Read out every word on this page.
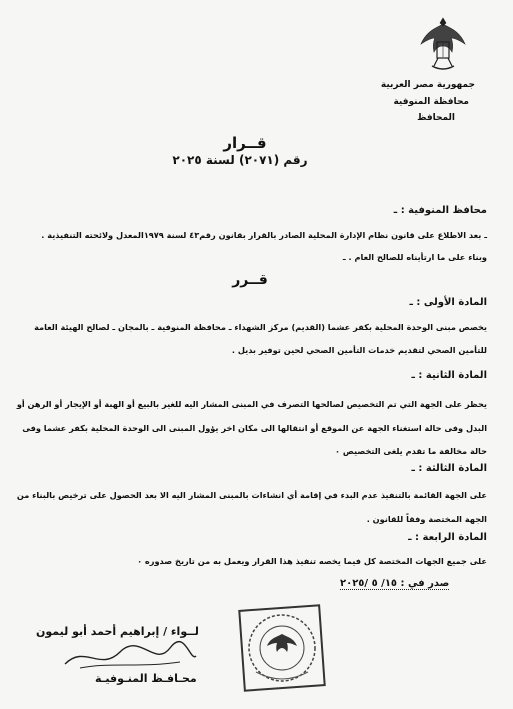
جمهورية مصر العربية
محافظة المنوفية
المحافظ
قــرار
رقم (٢٠٧١) لسنة ٢٠٢٥
محافظ المنوفية : ـ
ـ بعد الاطلاع على قانون نظام الإدارة المحلية الصادر بالقرار بقانون رقم٤٣ لسنة ١٩٧٩المعدل ولائحته التنفيذية .
وبناء على ما ارتأيناه للصالح العام . ـ
قــرر
المادة الأولى : ـ
يخصص مبنى الوحدة المحلية بكفر عشما (القديم) مركز الشهداء ـ محافظة المنوفية ـ بالمجان ـ لصالح الهيئة العامة
للتأمين الصحي لتقديم خدمات التأمين الصحي لحين توفير بديل .
المادة الثانية : ـ
يحظر على الجهة التي تم التخصيص لصالحها التصرف في المبنى المشار اليه للغير بالبيع أو الهبة أو الإيجار أو الرهن أو
البدل وفى حالة استغناء الجهة عن الموقع أو انتقالها الى مكان اخر يؤول المبنى الى الوحدة المحلية بكفر عشما وفى
حالة مخالفة ما تقدم يلغى التخصيص ٠
المادة الثالثة : ـ
على الجهة القائمة بالتنفيذ عدم البدء في إقامة أي انشاءات بالمبنى المشار اليه الا بعد الحصول على ترخيص بالبناء من
الجهة المختصة وفقاً للقانون .
المادة الرابعة : ـ
على جميع الجهات المختصة كل فيما يخصه تنفيذ هذا القرار ويعمل به من تاريخ صدوره ٠
صدر في : ١٥/ ٥ /٢٠٢٥
لــواء / إبراهيم أحمد أبو ليمون
محـافـظ المنـوفيـة
